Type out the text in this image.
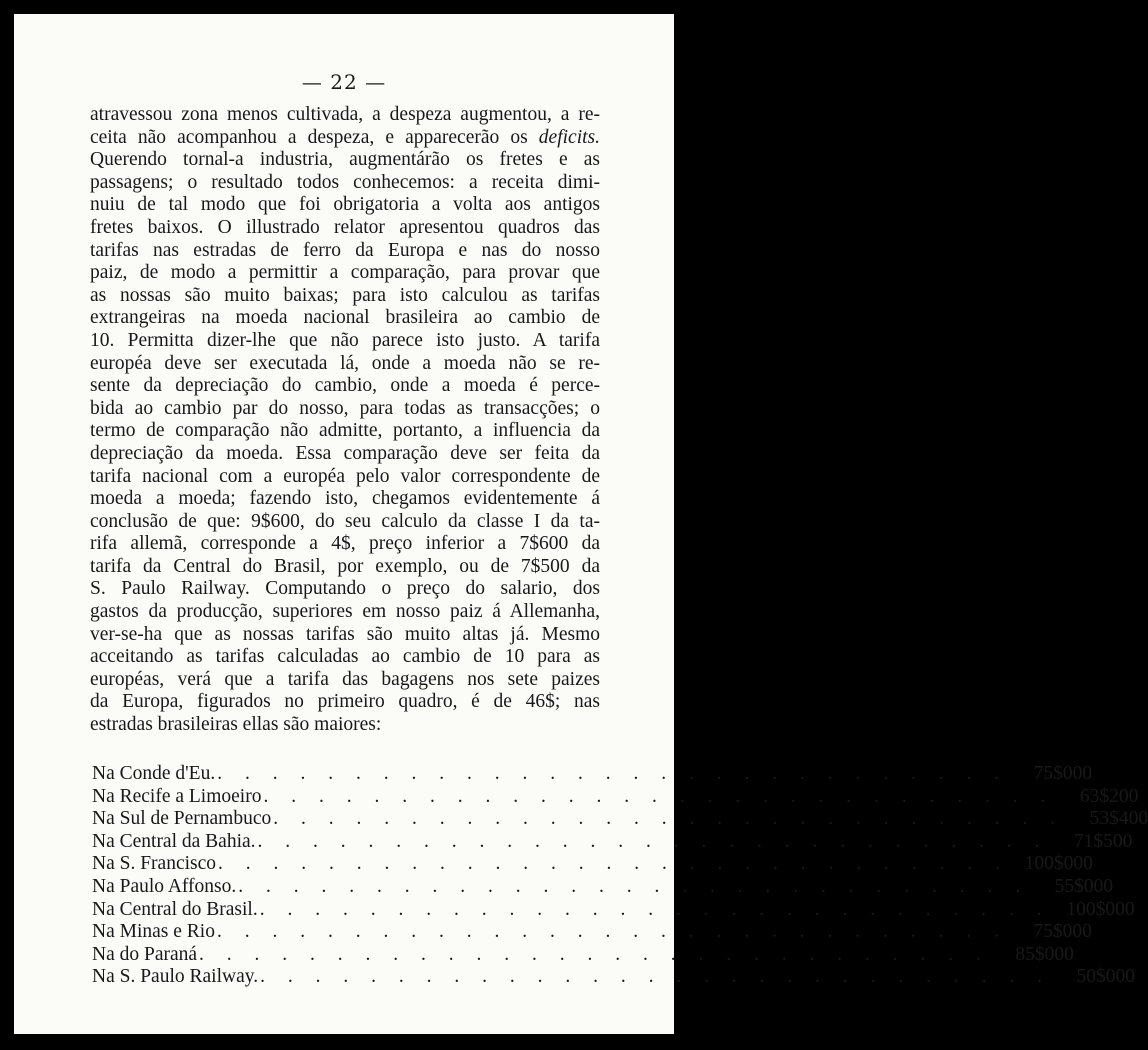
— 22 —
atravessou zona menos cultivada, a despeza augmentou, a re-
ceita não acompanhou a despeza, e apparecerão os deficits.
Querendo tornal-a industria, augmentárão os fretes e as
passagens; o resultado todos conhecemos: a receita dimi-
nuiu de tal modo que foi obrigatoria a volta aos antigos
fretes baixos. O illustrado relator apresentou quadros das
tarifas nas estradas de ferro da Europa e nas do nosso
paiz, de modo a permittir a comparação, para provar que
as nossas são muito baixas; para isto calculou as tarifas
extrangeiras na moeda nacional brasileira ao cambio de
10. Permitta dizer-lhe que não parece isto justo. A tarifa
européa deve ser executada lá, onde a moeda não se re-
sente da depreciação do cambio, onde a moeda é perce-
bida ao cambio par do nosso, para todas as transacções; o
termo de comparação não admitte, portanto, a influencia da
depreciação da moeda. Essa comparação deve ser feita da
tarifa nacional com a européa pelo valor correspondente de
moeda a moeda; fazendo isto, chegamos evidentemente á
conclusão de que: 9$600, do seu calculo da classe I da ta-
rifa allemã, corresponde a 4$, preço inferior a 7$600 da
tarifa da Central do Brasil, por exemplo, ou de 7$500 da
S. Paulo Railway. Computando o preço do salario, dos
gastos da producção, superiores em nosso paiz á Allemanha,
ver-se-ha que as nossas tarifas são muito altas já. Mesmo
acceitando as tarifas calculadas ao cambio de 10 para as
européas, verá que a tarifa das bagagens nos sete paizes
da Europa, figurados no primeiro quadro, é de 46$; nas
estradas brasileiras ellas são maiores:
Na Conde d'Eu. . . . . . . . . . . . . . . . . . . . . . . . . . . . . .	75$000
Na Recife a Limoeiro . . . . . . . . . . . . . . . . . . . . . . . . . . . . .	63$200
Na Sul de Pernambuco . . . . . . . . . . . . . . . . . . . . . . . . . . . . .	53$400
Na Central da Bahia. . . . . . . . . . . . . . . . . . . . . . . . . . . . . .	71$500
Na S. Francisco . . . . . . . . . . . . . . . . . . . . . . . . . . . . . 100$000
Na Paulo Affonso. . . . . . . . . . . . . . . . . . . . . . . . . . . . . .	55$000
Na Central do Brasil. . . . . . . . . . . . . . . . . . . . . . . . . . . . . . 100$000
Na Minas e Rio . . . . . . . . . . . . . . . . . . . . . . . . . . . . .	75$000
Na do Paraná . . . . . . . . . . . . . . . . . . . . . . . . . . . . .	85$000
Na S. Paulo Railway. . . . . . . . . . . . . . . . . . . . . . . . . . . . . .	50$000
